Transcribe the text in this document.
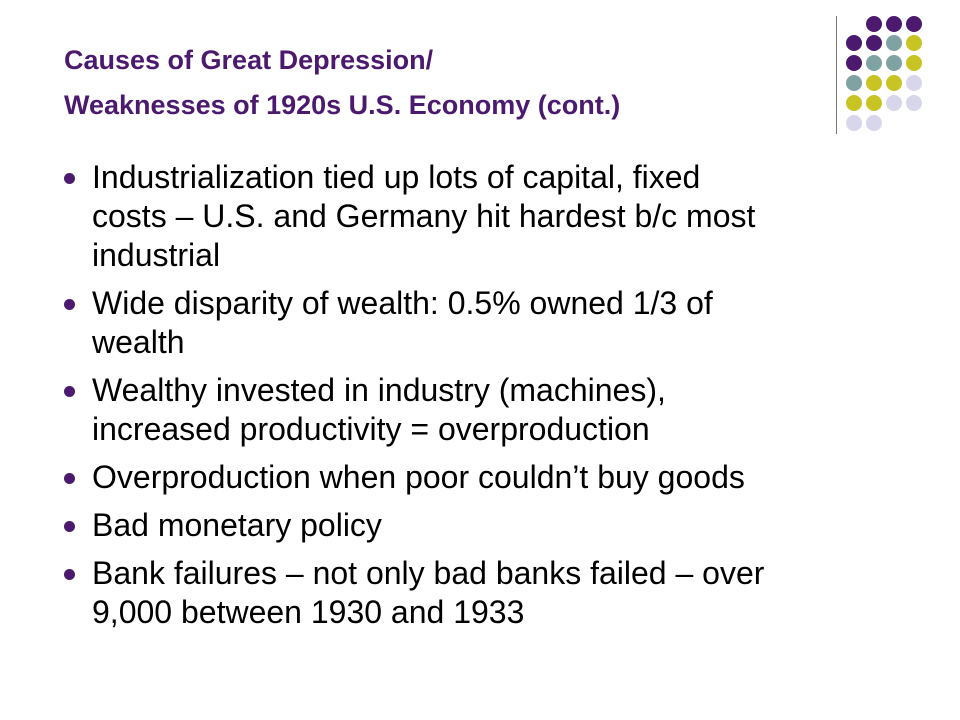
Causes of Great Depression/
Weaknesses of 1920s U.S. Economy (cont.)
Industrialization tied up lots of capital, fixed
costs – U.S. and Germany hit hardest b/c most
industrial
Wide disparity of wealth: 0.5% owned 1/3 of
wealth
Wealthy invested in industry (machines),
increased productivity = overproduction
Overproduction when poor couldn’t buy goods
Bad monetary policy
Bank failures – not only bad banks failed – over
9,000 between 1930 and 1933
